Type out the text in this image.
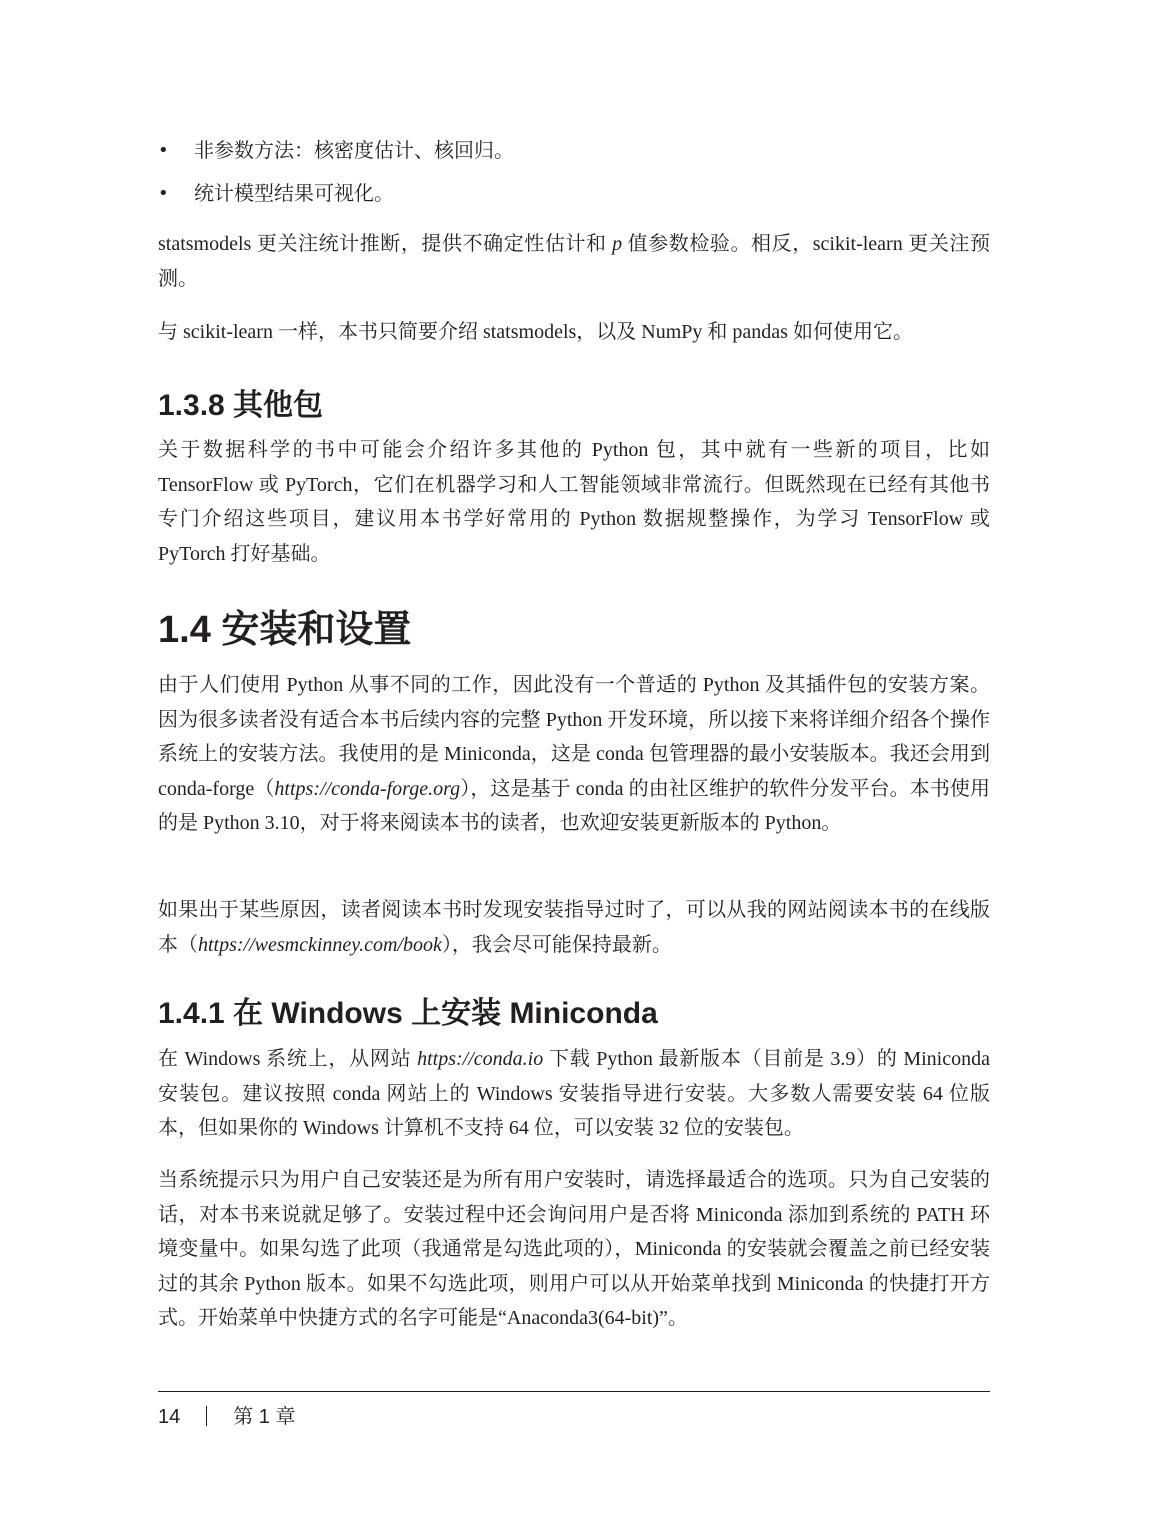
• 非参数方法：核密度估计、核回归。
• 统计模型结果可视化。

statsmodels 更关注统计推断，提供不确定性估计和 p 值参数检验。相反，scikit-learn 更关注预测。

与 scikit-learn 一样，本书只简要介绍 statsmodels，以及 NumPy 和 pandas 如何使用它。

1.3.8 其他包

关于数据科学的书中可能会介绍许多其他的 Python 包，其中就有一些新的项目，比如 TensorFlow 或 PyTorch，它们在机器学习和人工智能领域非常流行。但既然现在已经有其他书专门介绍这些项目，建议用本书学好常用的 Python 数据规整操作，为学习 TensorFlow 或 PyTorch 打好基础。

1.4 安装和设置

由于人们使用 Python 从事不同的工作，因此没有一个普适的 Python 及其插件包的安装方案。因为很多读者没有适合本书后续内容的完整 Python 开发环境，所以接下来将详细介绍各个操作系统上的安装方法。我使用的是 Miniconda，这是 conda 包管理器的最小安装版本。我还会用到 conda-forge（https://conda-forge.org），这是基于 conda 的由社区维护的软件分发平台。本书使用的是 Python 3.10，对于将来阅读本书的读者，也欢迎安装更新版本的 Python。

如果出于某些原因，读者阅读本书时发现安装指导过时了，可以从我的网站阅读本书的在线版本（https://wesmckinney.com/book），我会尽可能保持最新。

1.4.1 在 Windows 上安装 Miniconda

在 Windows 系统上，从网站 https://conda.io 下载 Python 最新版本（目前是 3.9）的 Miniconda 安装包。建议按照 conda 网站上的 Windows 安装指导进行安装。大多数人需要安装 64 位版本，但如果你的 Windows 计算机不支持 64 位，可以安装 32 位的安装包。

当系统提示只为用户自己安装还是为所有用户安装时，请选择最适合的选项。只为自己安装的话，对本书来说就足够了。安装过程中还会询问用户是否将 Miniconda 添加到系统的 PATH 环境变量中。如果勾选了此项（我通常是勾选此项的），Miniconda 的安装就会覆盖之前已经安装过的其余 Python 版本。如果不勾选此项，则用户可以从开始菜单找到 Miniconda 的快捷打开方式。开始菜单中快捷方式的名字可能是“Anaconda3(64-bit)”。

14	第 1 章
